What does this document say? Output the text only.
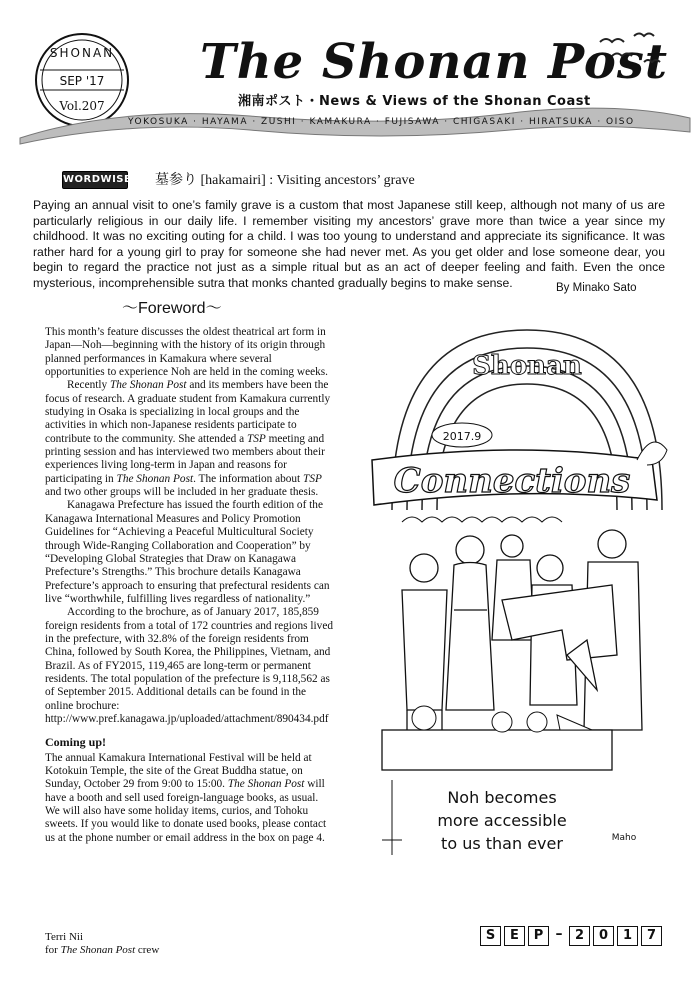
SHONAN
SEP '17
Vol.207
The Shonan Post
湘南ポスト・News & Views of the Shonan Coast
YOKOSUKA · HAYAMA · ZUSHI · KAMAKURA · FUJISAWA · CHIGASAKI · HIRATSUKA · OISO
WORDWISE 墓参り [hakamairi] : Visiting ancestors’ grave
Paying an annual visit to one’s family grave is a custom that most Japanese still keep, although not many of us are particularly religious in our daily life. I remember visiting my ancestors’ grave more than twice a year since my childhood. It was no exciting outing for a child. I was too young to understand and appreciate its significance. It was rather hard for a young girl to pray for someone she had never met. As you get older and lose someone dear, you begin to regard the practice not just as a simple ritual but as an act of deeper feeling and faith. Even the once mysterious, incomprehensible sutra that monks chanted gradually begins to make sense.	By Minako Sato
～Foreword～

This month’s feature discusses the oldest theatrical art form in Japan—Noh—beginning with the history of its origin through planned performances in Kamakura where several opportunities to experience Noh are held in the coming weeks.

Recently The Shonan Post and its members have been the focus of research. A graduate student from Kamakura currently studying in Osaka is specializing in local groups and the activities in which non-Japanese residents participate to contribute to the community. She attended a TSP meeting and printing session and has interviewed two members about their experiences living long-term in Japan and reasons for participating in The Shonan Post. The information about TSP and two other groups will be included in her graduate thesis.

Kanagawa Prefecture has issued the fourth edition of the Kanagawa International Measures and Policy Promotion Guidelines for “Achieving a Peaceful Multicultural Society through Wide-Ranging Collaboration and Cooperation” by “Developing Global Strategies that Draw on Kanagawa Prefecture’s Strengths.” This brochure details Kanagawa Prefecture’s approach to ensuring that prefectural residents can live “worthwhile, fulfilling lives regardless of nationality.”

According to the brochure, as of January 2017, 185,859 foreign residents from a total of 172 countries and regions lived in the prefecture, with 32.8% of the foreign residents from China, followed by South Korea, the Philippines, Vietnam, and Brazil. As of FY2015, 119,465 are long-term or permanent residents. The total population of the prefecture is 9,118,562 as of September 2015. Additional details can be found in the online brochure: http://www.pref.kanagawa.jp/uploaded/attachment/890434.pdf

Coming up!

The annual Kamakura International Festival will be held at Kotokuin Temple, the site of the Great Buddha statue, on Sunday, October 29 from 9:00 to 15:00. The Shonan Post will have a booth and sell used foreign-language books, as usual. We will also have some holiday items, curios, and Tohoku sweets. If you would like to donate used books, please contact us at the phone number or email address in the box on page 4.

Terri Nii
for The Shonan Post crew
Shonan
2017.9
Connections
Noh becomes
more accessible
to us than ever	Maho
S	E	P – 2	0	1	7
